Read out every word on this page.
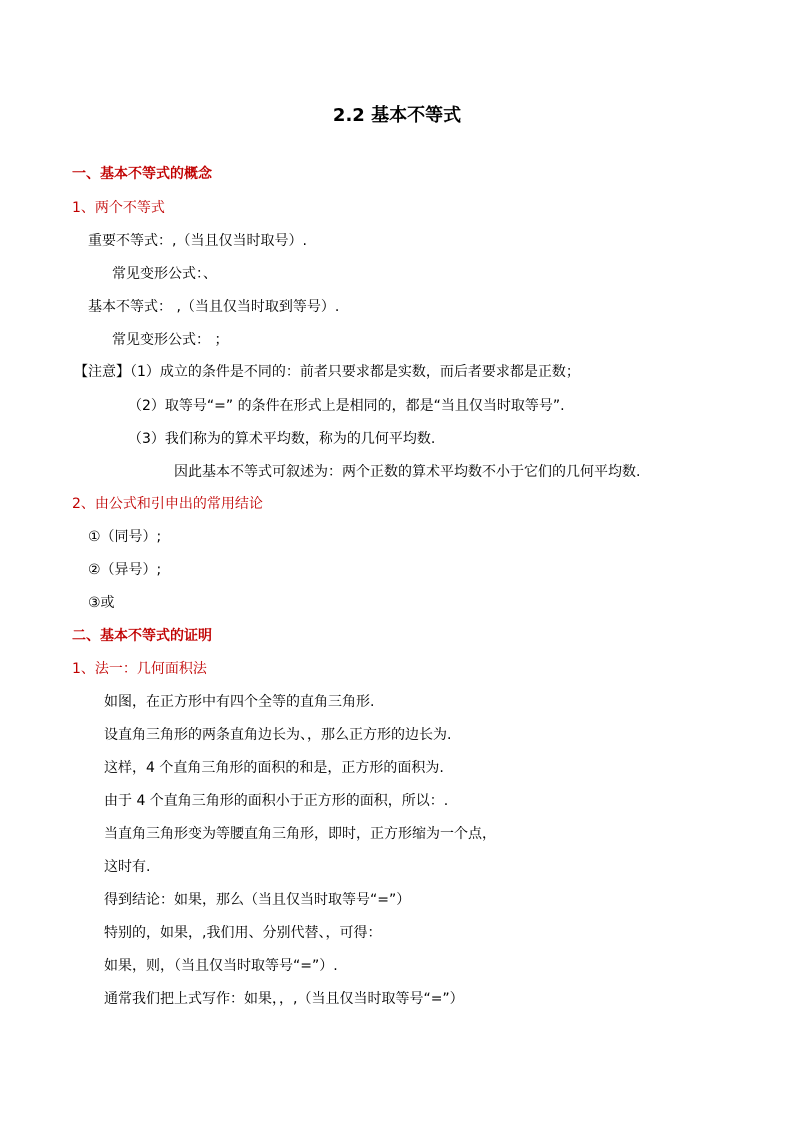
2.2 基本不等式
一、基本不等式的概念
1、两个不等式
重要不等式：,（当且仅当时取号）.
常见变形公式：、
基本不等式： ,（当且仅当时取到等号）.
常见变形公式： ；
【注意】（1）成立的条件是不同的：前者只要求都是实数，而后者要求都是正数；
（2）取等号“=” 的条件在形式上是相同的，都是“当且仅当时取等号”.
（3）我们称为的算术平均数，称为的几何平均数.
因此基本不等式可叙述为：两个正数的算术平均数不小于它们的几何平均数.
2、由公式和引申出的常用结论
①（同号）;
②（异号）;
③或
二、基本不等式的证明
1、法一：几何面积法
如图，在正方形中有四个全等的直角三角形.
设直角三角形的两条直角边长为、，那么正方形的边长为.
这样，4 个直角三角形的面积的和是，正方形的面积为.
由于 4 个直角三角形的面积小于正方形的面积，所以：.
当直角三角形变为等腰直角三角形，即时，正方形缩为一个点，
这时有.
得到结论：如果，那么（当且仅当时取等号“=”）
特别的，如果，,我们用、分别代替、，可得：
如果，则，（当且仅当时取等号“=”）.
通常我们把上式写作：如果，，,（当且仅当时取等号“=”）
